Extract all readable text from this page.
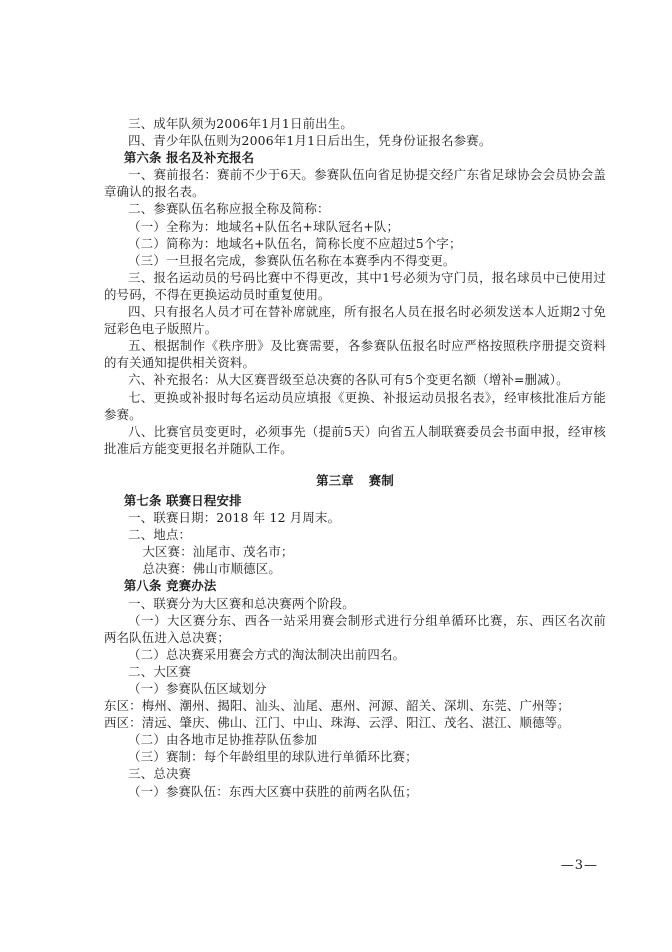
三、成年队须为2006年1月1日前出生。
四、青少年队伍则为2006年1月1日后出生，凭身份证报名参赛。
第六条 报名及补充报名
一、赛前报名：赛前不少于6天。参赛队伍向省足协提交经广东省足球协会会员协会盖章确认的报名表。
二、参赛队伍名称应报全称及简称：
（一）全称为：地域名+队伍名+球队冠名+队；
（二）简称为：地域名+队伍名，简称长度不应超过5个字；
（三）一旦报名完成，参赛队伍名称在本赛季内不得变更。
三、报名运动员的号码比赛中不得更改，其中1号必须为守门员，报名球员中已使用过的号码，不得在更换运动员时重复使用。
四、只有报名人员才可在替补席就座，所有报名人员在报名时必须发送本人近期2寸免冠彩色电子版照片。
五、根据制作《秩序册》及比赛需要，各参赛队伍报名时应严格按照秩序册提交资料的有关通知提供相关资料。
六、补充报名：从大区赛晋级至总决赛的各队可有5个变更名额（增补=删减）。
七、更换或补报时每名运动员应填报《更换、补报运动员报名表》，经审核批准后方能参赛。
八、比赛官员变更时，必须事先（提前5天）向省五人制联赛委员会书面申报，经审核批准后方能变更报名并随队工作。
第三章 赛制
第七条 联赛日程安排
一、联赛日期：2018 年 12 月周末。
二、地点：
大区赛：汕尾市、茂名市；
总决赛：佛山市顺德区。
第八条 竞赛办法
一、联赛分为大区赛和总决赛两个阶段。
（一）大区赛分东、西各一站采用赛会制形式进行分组单循环比赛，东、西区名次前两名队伍进入总决赛；
（二）总决赛采用赛会方式的淘汰制决出前四名。
二、大区赛
（一）参赛队伍区域划分
东区：梅州、潮州、揭阳、汕头、汕尾、惠州、河源、韶关、深圳、东莞、广州等；
西区：清远、肇庆、佛山、江门、中山、珠海、云浮、阳江、茂名、湛江、顺德等。
（二）由各地市足协推荐队伍参加
（三）赛制：每个年龄组里的球队进行单循环比赛；
三、总决赛
（一）参赛队伍：东西大区赛中获胜的前两名队伍；
—3—
